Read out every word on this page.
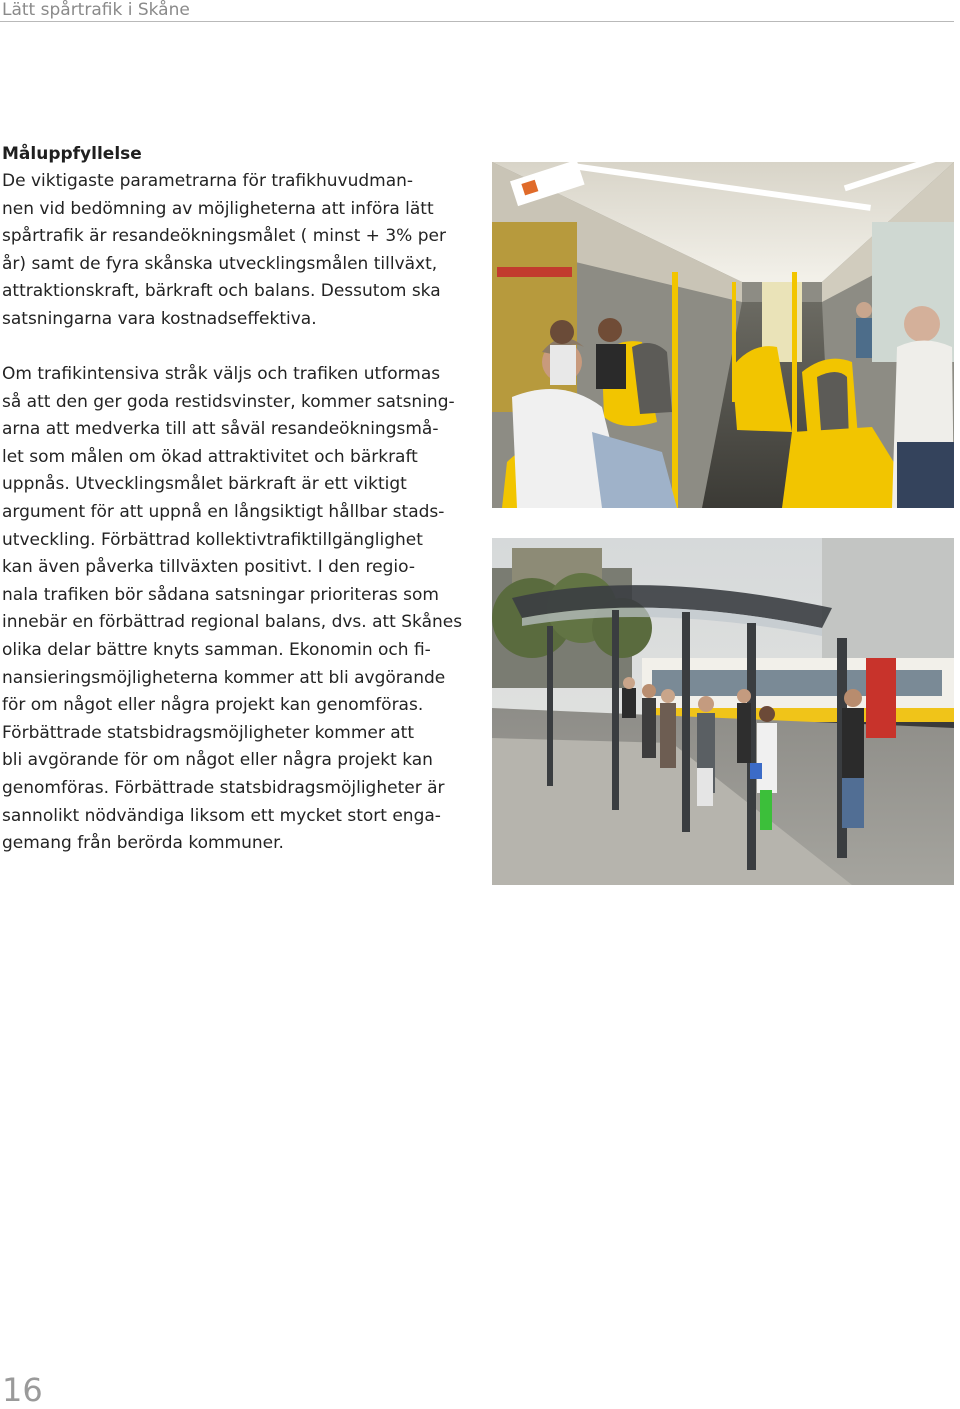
Lätt spårtrafik i Skåne
Måluppfyllelse

De viktigaste parametrarna för trafikhuvudman-
nen vid bedömning av möjligheterna att införa lätt
spårtrafik är resandeökningsmålet ( minst + 3% per
år) samt de fyra skånska utvecklingsmålen tillväxt,
attraktionskraft, bärkraft och balans. Dessutom ska
satsningarna vara kostnadseffektiva.

Om trafikintensiva stråk väljs och trafiken utformas
så att den ger goda restidsvinster, kommer satsning-
arna att medverka till att såväl resandeökningsmå-
let som målen om ökad attraktivitet och bärkraft
uppnås. Utvecklingsmålet bärkraft är ett viktigt
argument för att uppnå en långsiktigt hållbar stads-
utveckling. Förbättrad kollektivtrafiktillgänglighet
kan även påverka tillväxten positivt. I den regio-
nala trafiken bör sådana satsningar prioriteras som
innebär en förbättrad regional balans, dvs. att Skånes
olika delar bättre knyts samman. Ekonomin och fi-
nansieringsmöjligheterna kommer att bli avgörande
för om något eller några projekt kan genomföras.
Förbättrade statsbidragsmöjligheter kommer att
bli avgörande för om något eller några projekt kan
genomföras. Förbättrade statsbidragsmöjligheter är
sannolikt nödvändiga liksom ett mycket stort enga-
gemang från berörda kommuner.

16
